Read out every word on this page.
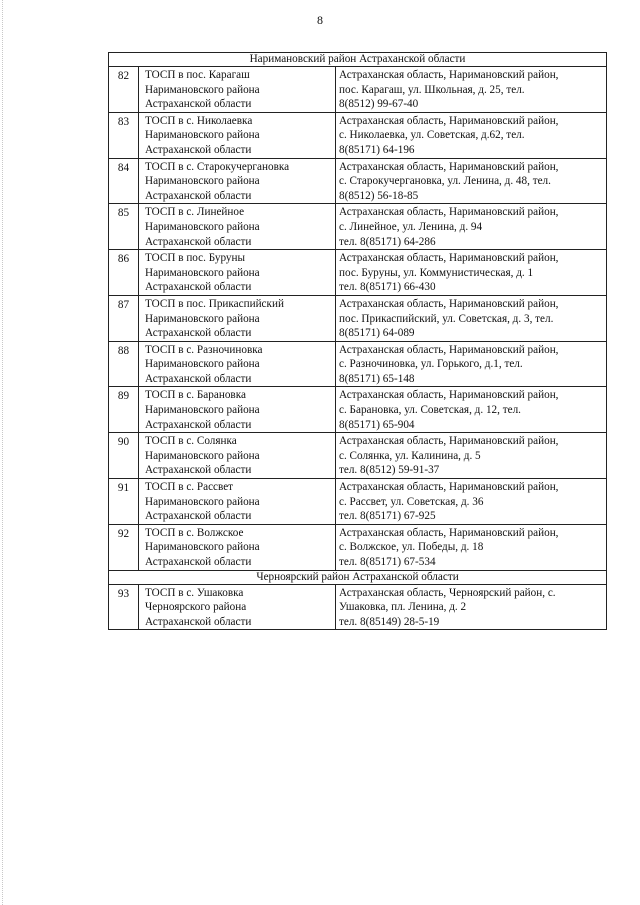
8
Наримановский район Астраханской области		
82	ТОСП в пос. Карагаш
Наримановского района
Астраханской области	Астраханская область, Наримановский район,
пос. Карагаш, ул. Школьная, д. 25, тел.
8(8512) 99-67-40

83	ТОСП в с. Николаевка
Наримановского района
Астраханской области	Астраханская область, Наримановский район,
с. Николаевка, ул. Советская, д.62, тел.
8(85171) 64-196

84	ТОСП в с. Старокучергановка
Наримановского района
Астраханской области	Астраханская область, Наримановский район,
с. Старокучергановка, ул. Ленина, д. 48, тел.
8(8512) 56-18-85

85	ТОСП в с. Линейное
Наримановского района
Астраханской области	Астраханская область, Наримановский район,
с. Линейное, ул. Ленина, д. 94
тел. 8(85171) 64-286

86	ТОСП в пос. Буруны
Наримановского района
Астраханской области	Астраханская область, Наримановский район,
пос. Буруны, ул. Коммунистическая, д. 1
тел. 8(85171) 66-430

87	ТОСП в пос. Прикаспийский
Наримановского района
Астраханской области	Астраханская область, Наримановский район,
пос. Прикаспийский, ул. Советская, д. 3, тел.
8(85171) 64-089

88	ТОСП в с. Разночиновка
Наримановского района
Астраханской области	Астраханская область, Наримановский район,
с. Разночиновка, ул. Горького, д.1, тел.
8(85171) 65-148

89	ТОСП в с. Барановка
Наримановского района
Астраханской области	Астраханская область, Наримановский район,
с. Барановка, ул. Советская, д. 12, тел.
8(85171) 65-904

90	ТОСП в с. Солянка
Наримановского района
Астраханской области	Астраханская область, Наримановский район,
с. Солянка, ул. Калинина, д. 5
тел. 8(8512) 59-91-37

91	ТОСП в с. Рассвет
Наримановского района
Астраханской области	Астраханская область, Наримановский район,
с. Рассвет, ул. Советская, д. 36
тел. 8(85171) 67-925

92	ТОСП в с. Волжское
Наримановского района
Астраханской области	Астраханская область, Наримановский район,
с. Волжское, ул. Победы, д. 18
тел. 8(85171) 67-534

Черноярский район Астраханской области		
93	ТОСП в с. Ушаковка
Черноярского района
Астраханской области	Астраханская область, Черноярский район, с.
Ушаковка, пл. Ленина, д. 2
тел. 8(85149) 28-5-19
